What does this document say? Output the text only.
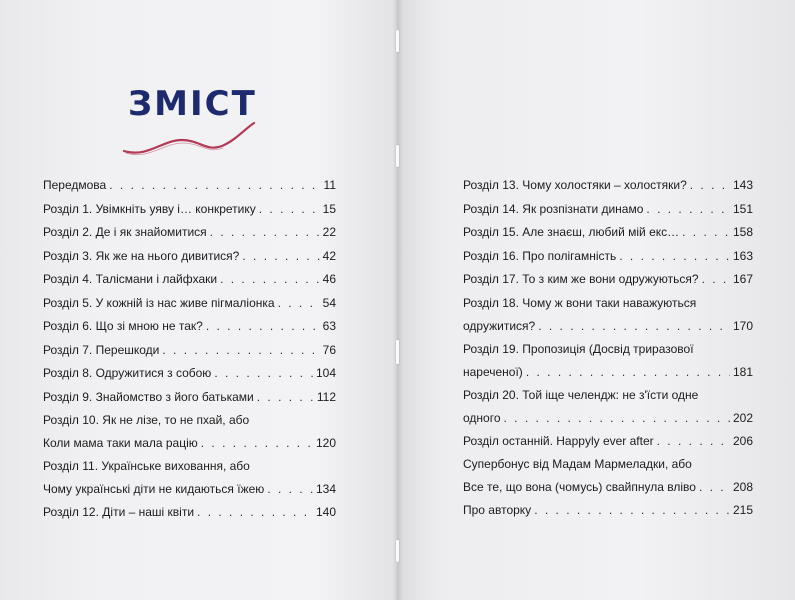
ЗМІСТ
Передмова . . .	11
Розділ 1. Увімкніть уяву і… конкретику . . .	15
Розділ 2. Де і як знайомитися . . .	22
Розділ 3. Як же на нього дивитися? . . .	42
Розділ 4. Талісмани і лайфхаки . . .	46
Розділ 5. У кожній із нас живе пігмаліонка . . .	54
Розділ 6. Що зі мною не так? . . .	63
Розділ 7. Перешкоди . . .	76
Розділ 8. Одружитися з собою . . .	104
Розділ 9. Знайомство з його батьками . . .	112
Розділ 10. Як не лізе, то не пхай, або
Коли мама таки мала рацію . . .	120
Розділ 11. Українське виховання, або
Чому українські діти не кидаються їжею . . .	134
Розділ 12. Діти – наші квіти . . .	140
Розділ 13. Чому холостяки – холостяки? . . .	143
Розділ 14. Як розпізнати динамо . . .	151
Розділ 15. Але знаєш, любий мій екс… . . .	158
Розділ 16. Про полігамність . . .	163
Розділ 17. То з ким же вони одружуються? . . .	167
Розділ 18. Чому ж вони таки наважуються
одружитися? . . .	170
Розділ 19. Пропозиція (Досвід триразової
нареченої) . . .	181
Розділ 20. Той іще челендж: не з'їсти одне
одного . . .	202
Розділ останній. Happyly ever after . . .	206
Супербонус від Мадам Мармеладки, або
Все те, що вона (чомусь) свайпнула вліво . . .	208
Про авторку . . .	215
